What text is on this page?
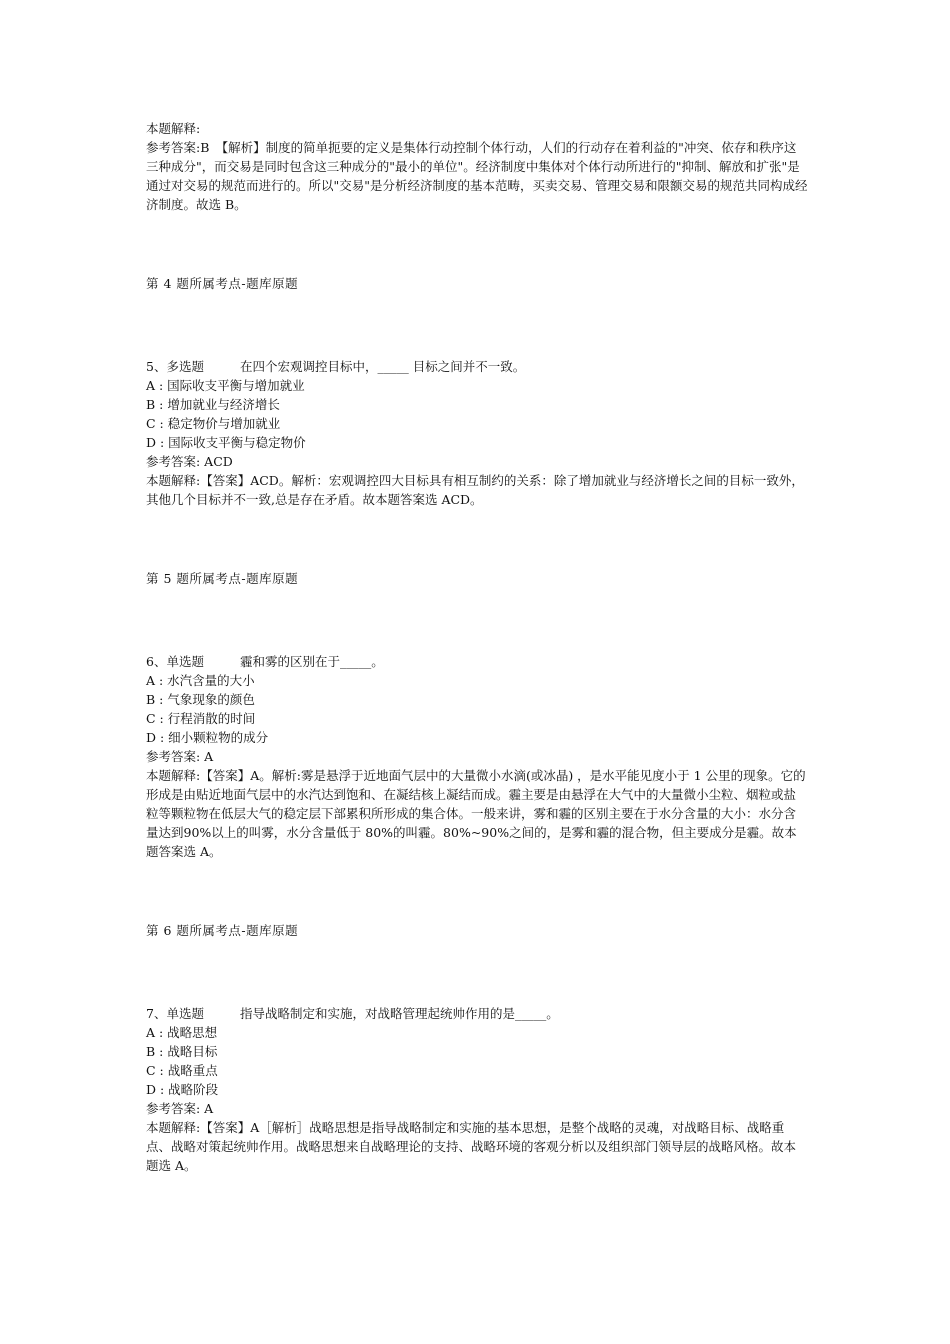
本题解释:
参考答案:B　【解析】制度的简单扼要的定义是集体行动控制个体行动，人们的行动存在着利益的"冲突、依存和秩序这三种成分"，而交易是同时包含这三种成分的"最小的单位"。经济制度中集体对个体行动所进行的"抑制、解放和扩张"是通过对交易的规范而进行的。所以"交易"是分析经济制度的基本范畴，买卖交易、管理交易和限额交易的规范共同构成经济制度。故选 B。
第 4 题所属考点-题库原题
5、多选题	在四个宏观调控目标中，_____ 目标之间并不一致。
A : 国际收支平衡与增加就业
B : 增加就业与经济增长
C : 稳定物价与增加就业
D : 国际收支平衡与稳定物价
参考答案: ACD
本题解释:【答案】ACD。解析：宏观调控四大目标具有相互制约的关系：除了增加就业与经济增长之间的目标一致外，其他几个目标并不一致,总是存在矛盾。故本题答案选 ACD。
第 5 题所属考点-题库原题
6、单选题	霾和雾的区别在于_____。
A : 水汽含量的大小
B : 气象现象的颜色
C : 行程消散的时间
D : 细小颗粒物的成分
参考答案: A
本题解释:【答案】A。解析:雾是悬浮于近地面气层中的大量微小水滴(或冰晶) ，是水平能见度小于 1 公里的现象。它的形成是由贴近地面气层中的水汽达到饱和、在凝结核上凝结而成。霾主要是由悬浮在大气中的大量微小尘粒、烟粒或盐粒等颗粒物在低层大气的稳定层下部累积所形成的集合体。一般来讲，雾和霾的区别主要在于水分含量的大小：水分含量达到90%以上的叫雾，水分含量低于 80%的叫霾。80%~90%之间的，是雾和霾的混合物，但主要成分是霾。故本题答案选 A。
第 6 题所属考点-题库原题
7、单选题	指导战略制定和实施，对战略管理起统帅作用的是_____。
A : 战略思想
B : 战略目标
C : 战略重点
D : 战略阶段
参考答案: A
本题解释:【答案】A［解析］战略思想是指导战略制定和实施的基本思想，是整个战略的灵魂，对战略目标、战略重点、战略对策起统帅作用。战略思想来自战略理论的支持、战略环境的客观分析以及组织部门领导层的战略风格。故本题选 A。
